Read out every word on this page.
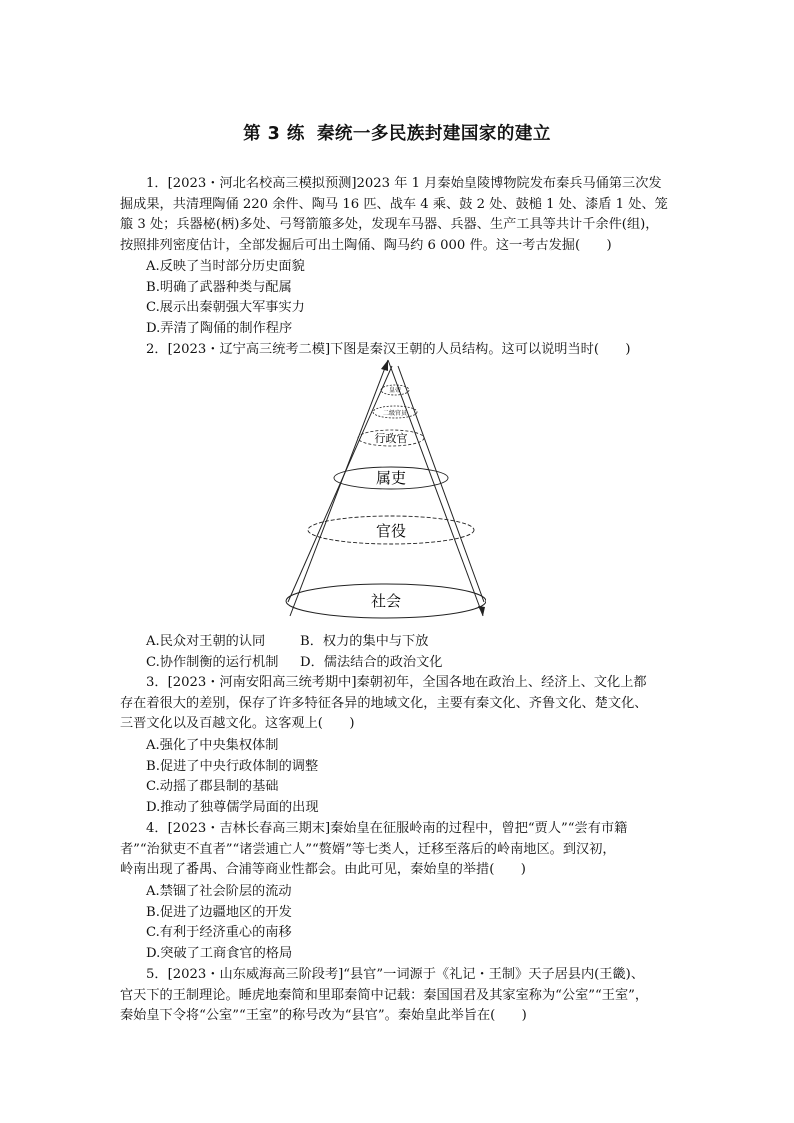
第 3 练 秦统一多民族封建国家的建立
1．[2023・河北名校高三模拟预测]2023 年 1 月秦始皇陵博物院发布秦兵马俑第三次发
掘成果，共清理陶俑 220 余件、陶马 16 匹、战车 4 乘、鼓 2 处、鼓槌 1 处、漆盾 1 处、笼
箙 3 处；兵器柲(柄)多处、弓弩箭箙多处，发现车马器、兵器、生产工具等共计千余件(组)，
按照排列密度估计，全部发掘后可出土陶俑、陶马约 6 000 件。这一考古发掘(　　)
A.反映了当时部分历史面貌
B.明确了武器种类与配属
C.展示出秦朝强大军事实力
D.弄清了陶俑的制作程序
2．[2023・辽宁高三统考二模]下图是秦汉王朝的人员结构。这可以说明当时(　　)
皇帝
二级官员
行政官
属吏
官役
社会
A.民众对王朝的认同	B．权力的集中与下放
C.协作制衡的运行机制 D．儒法结合的政治文化
3．[2023・河南安阳高三统考期中]秦朝初年，全国各地在政治上、经济上、文化上都
存在着很大的差别，保存了许多特征各异的地域文化，主要有秦文化、齐鲁文化、楚文化、
三晋文化以及百越文化。这客观上(　　)
A.强化了中央集权体制
B.促进了中央行政体制的调整
C.动摇了郡县制的基础
D.推动了独尊儒学局面的出现
4．[2023・吉林长春高三期末]秦始皇在征服岭南的过程中，曾把“贾人”“尝有市籍
者”“治狱吏不直者”“诸尝逋亡人”“赘婿”等七类人，迁移至落后的岭南地区。到汉初，
岭南出现了番禺、合浦等商业性都会。由此可见，秦始皇的举措(　　)
A.禁锢了社会阶层的流动
B.促进了边疆地区的开发
C.有利于经济重心的南移
D.突破了工商食官的格局
5．[2023・山东威海高三阶段考]“县官”一词源于《礼记・王制》天子居县内(王畿)、
官天下的王制理论。睡虎地秦简和里耶秦简中记载：秦国国君及其家室称为“公室”“王室”，
秦始皇下令将“公室”“王室”的称号改为“县官”。秦始皇此举旨在(　　)
